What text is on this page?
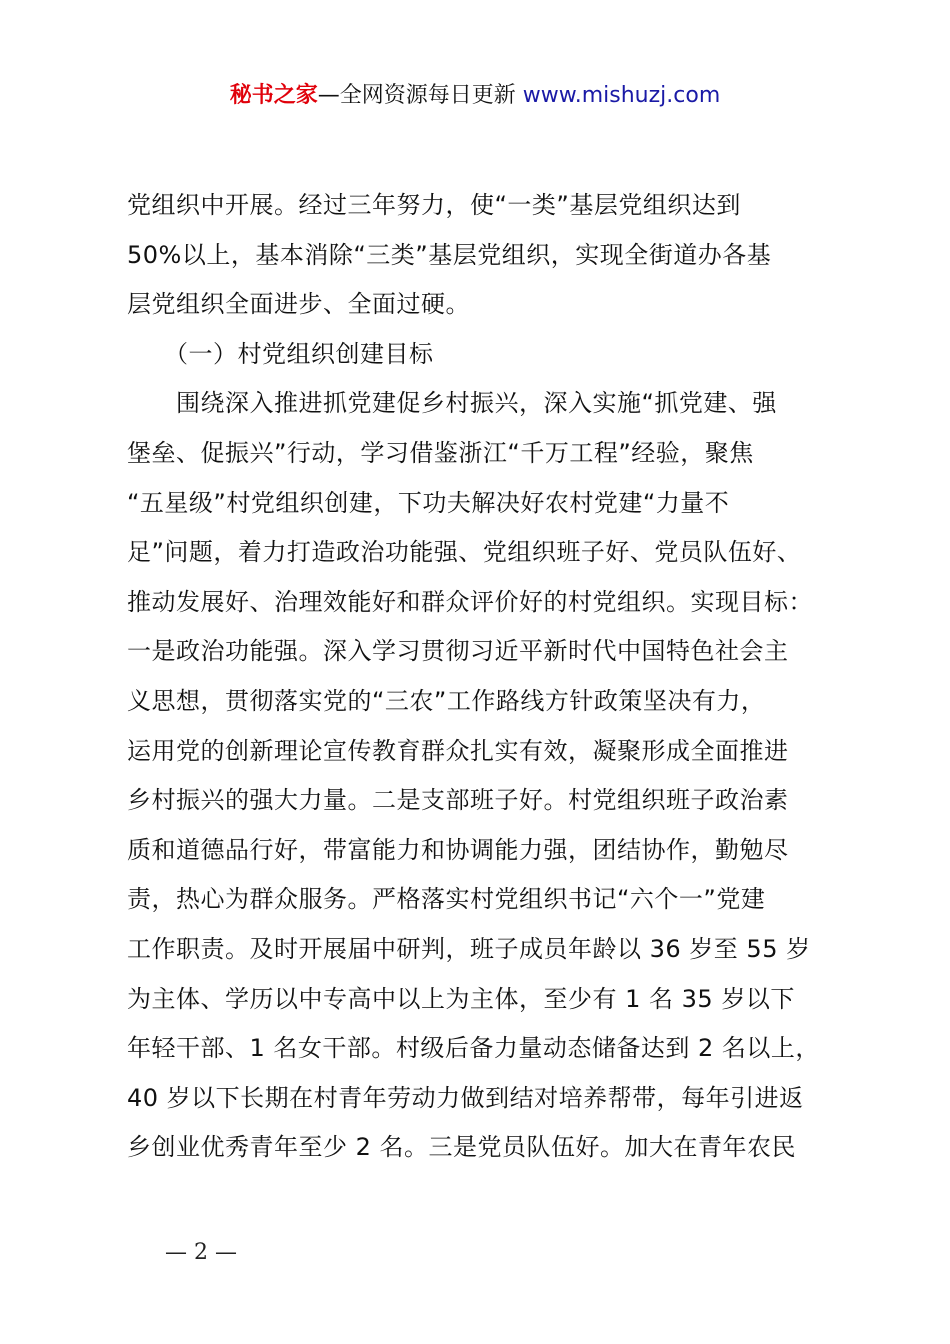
秘书之家—全网资源每日更新 www.mishuzj.com
党组织中开展。经过三年努力，使“一类”基层党组织达到
50%以上，基本消除“三类”基层党组织，实现全街道办各基
层党组织全面进步、全面过硬。
　　（一）村党组织创建目标
　　围绕深入推进抓党建促乡村振兴，深入实施“抓党建、强
堡垒、促振兴”行动，学习借鉴浙江“千万工程”经验，聚焦
“五星级”村党组织创建，下功夫解决好农村党建“力量不
足”问题，着力打造政治功能强、党组织班子好、党员队伍好、
推动发展好、治理效能好和群众评价好的村党组织。实现目标：
一是政治功能强。深入学习贯彻习近平新时代中国特色社会主
义思想，贯彻落实党的“三农”工作路线方针政策坚决有力，
运用党的创新理论宣传教育群众扎实有效，凝聚形成全面推进
乡村振兴的强大力量。二是支部班子好。村党组织班子政治素
质和道德品行好，带富能力和协调能力强，团结协作，勤勉尽
责，热心为群众服务。严格落实村党组织书记“六个一”党建
工作职责。及时开展届中研判，班子成员年龄以 36 岁至 55 岁
为主体、学历以中专高中以上为主体，至少有 1 名 35 岁以下
年轻干部、1 名女干部。村级后备力量动态储备达到 2 名以上，
40 岁以下长期在村青年劳动力做到结对培养帮带，每年引进返
乡创业优秀青年至少 2 名。三是党员队伍好。加大在青年农民
— 2 —
